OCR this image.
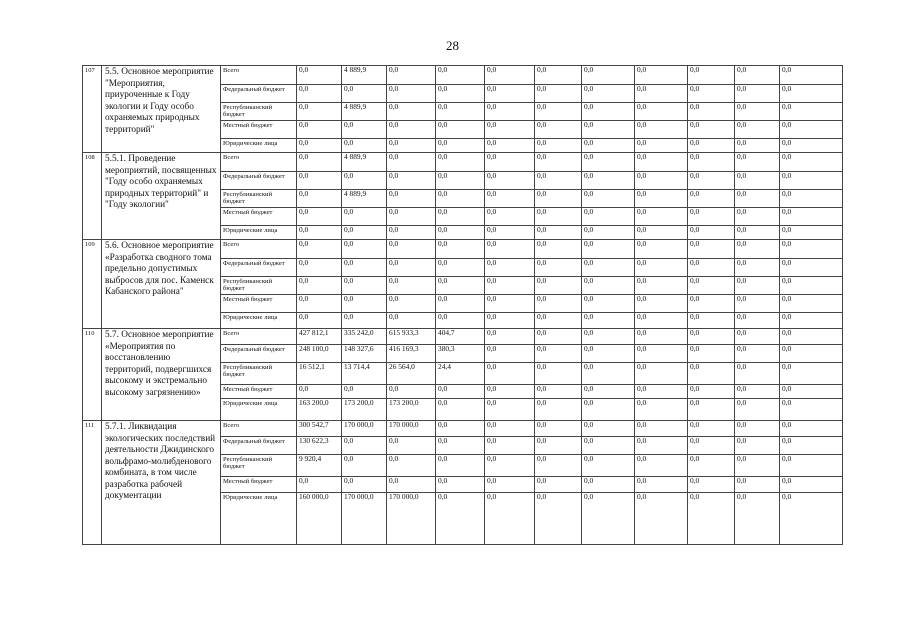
28
107	5.5. Основное мероприятие "Мероприятия, приуроченные к Году экологии и Году особо охраняемых природных территорий"	Всего	0,0	4 889,9	0,0	0,0	0,0	0,0	0,0	0,0	0,0	0,0	0,0
		Федеральный бюджет	0,0	0,0	0,0	0,0	0,0	0,0	0,0	0,0	0,0	0,0	0,0
		Республиканский бюджет	0,0	4 889,9	0,0	0,0	0,0	0,0	0,0	0,0	0,0	0,0	0,0
		Местный бюджет	0,0	0,0	0,0	0,0	0,0	0,0	0,0	0,0	0,0	0,0	0,0
		Юридические лица	0,0	0,0	0,0	0,0	0,0	0,0	0,0	0,0	0,0	0,0	0,0
108	5.5.1. Проведение мероприятий, посвященных "Году особо охраняемых природных территорий" и "Году экологии"	Всего	0,0	4 889,9	0,0	0,0	0,0	0,0	0,0	0,0	0,0	0,0	0,0
		Федеральный бюджет	0,0	0,0	0,0	0,0	0,0	0,0	0,0	0,0	0,0	0,0	0,0
		Республиканский бюджет	0,0	4 889,9	0,0	0,0	0,0	0,0	0,0	0,0	0,0	0,0	0,0
		Местный бюджет	0,0	0,0	0,0	0,0	0,0	0,0	0,0	0,0	0,0	0,0	0,0
		Юридические лица	0,0	0,0	0,0	0,0	0,0	0,0	0,0	0,0	0,0	0,0	0,0
109	5.6. Основное мероприятие «Разработка сводного тома предельно допустимых выбросов для пос. Каменск Кабанского района"	Всего	0,0	0,0	0,0	0,0	0,0	0,0	0,0	0,0	0,0	0,0	0,0
		Федеральный бюджет	0,0	0,0	0,0	0,0	0,0	0,0	0,0	0,0	0,0	0,0	0,0
		Республиканский бюджет	0,0	0,0	0,0	0,0	0,0	0,0	0,0	0,0	0,0	0,0	0,0
		Местный бюджет	0,0	0,0	0,0	0,0	0,0	0,0	0,0	0,0	0,0	0,0	0,0
		Юридические лица	0,0	0,0	0,0	0,0	0,0	0,0	0,0	0,0	0,0	0,0	0,0
110	5.7. Основное мероприятие «Мероприятия по восстановлению территорий, подвергшихся высокому и экстремально высокому загрязнению»	Всего	427 812,1	335 242,0	615 933,3	404,7	0,0	0,0	0,0	0,0	0,0	0,0	0,0
		Федеральный бюджет	248 100,0	148 327,6	416 169,3	380,3	0,0	0,0	0,0	0,0	0,0	0,0	0,0
		Республиканский бюджет	16 512,1	13 714,4	26 564,0	24,4	0,0	0,0	0,0	0,0	0,0	0,0	0,0
		Местный бюджет	0,0	0,0	0,0	0,0	0,0	0,0	0,0	0,0	0,0	0,0	0,0
		Юридические лица	163 200,0	173 200,0	173 200,0	0,0	0,0	0,0	0,0	0,0	0,0	0,0	0,0
111	5.7.1. Ликвидация экологических последствий деятельности Джидинского вольфрамо-молибденового комбината, в том числе разработка рабочей документации	Всего	300 542,7	170 000,0	170 000,0	0,0	0,0	0,0	0,0	0,0	0,0	0,0	0,0
		Федеральный бюджет	130 622,3	0,0	0,0	0,0	0,0	0,0	0,0	0,0	0,0	0,0	0,0
		Республиканский бюджет	9 920,4	0,0	0,0	0,0	0,0	0,0	0,0	0,0	0,0	0,0	0,0
		Местный бюджет	0,0	0,0	0,0	0,0	0,0	0,0	0,0	0,0	0,0	0,0	0,0
		Юридические лица	160 000,0	170 000,0	170 000,0	0,0	0,0	0,0	0,0	0,0	0,0	0,0	0,0
